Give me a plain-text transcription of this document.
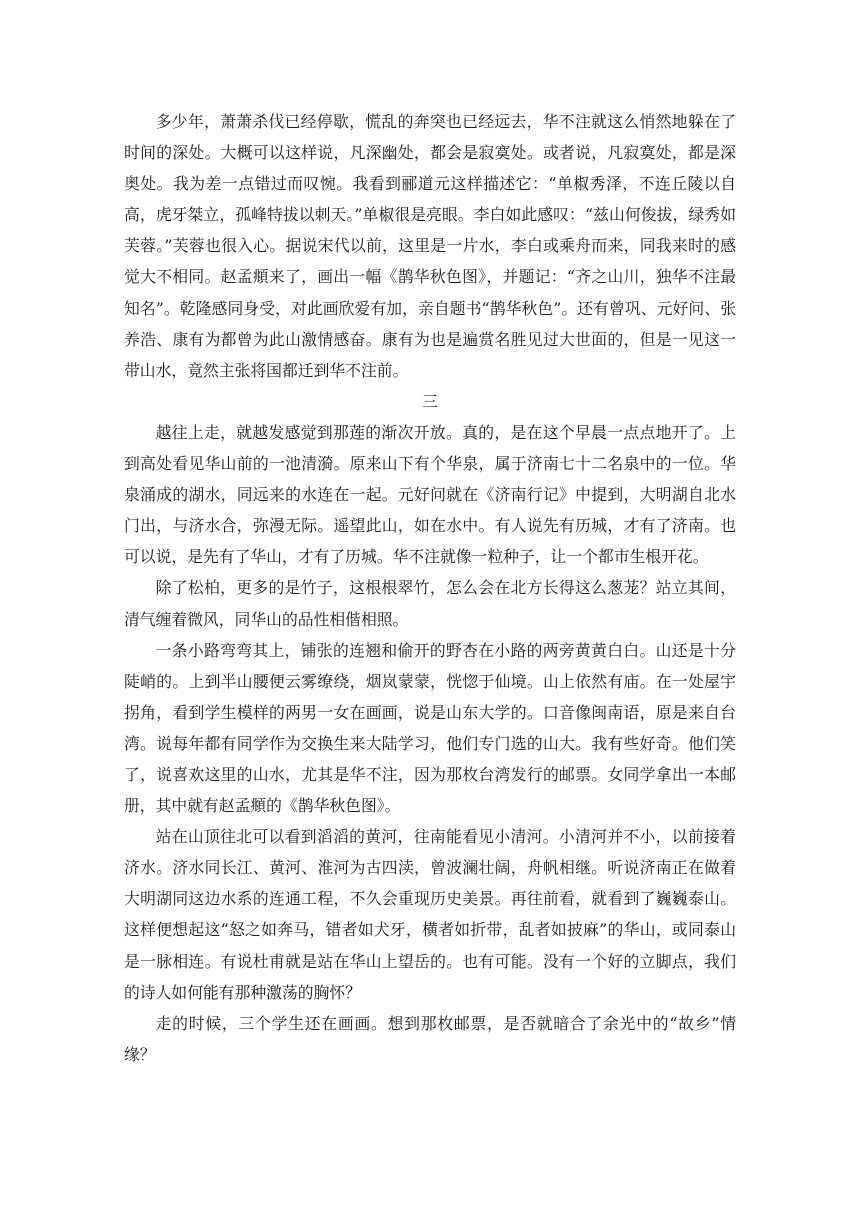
多少年，萧萧杀伐已经停歇，慌乱的奔突也已经远去，华不注就这么悄然地躲在了时间的深处。大概可以这样说，凡深幽处，都会是寂寞处。或者说，凡寂寞处，都是深奥处。我为差一点错过而叹惋。我看到郦道元这样描述它：“单椒秀泽，不连丘陵以自高，虎牙桀立，孤峰特拔以刺天。”单椒很是亮眼。李白如此感叹：“兹山何俊拔，绿秀如芙蓉。”芙蓉也很入心。据说宋代以前，这里是一片水，李白或乘舟而来，同我来时的感觉大不相同。赵孟頫来了，画出一幅《鹊华秋色图》，并题记：“齐之山川，独华不注最知名”。乾隆感同身受，对此画欣爱有加，亲自题书“鹊华秋色”。还有曾巩、元好问、张养浩、康有为都曾为此山激情感奋。康有为也是遍赏名胜见过大世面的，但是一见这一带山水，竟然主张将国都迁到华不注前。

三

越往上走，就越发感觉到那莲的渐次开放。真的，是在这个早晨一点点地开了。上到高处看见华山前的一池清漪。原来山下有个华泉，属于济南七十二名泉中的一位。华泉涌成的湖水，同远来的水连在一起。元好问就在《济南行记》中提到，大明湖自北水门出，与济水合，弥漫无际。遥望此山，如在水中。有人说先有历城，才有了济南。也可以说，是先有了华山，才有了历城。华不注就像一粒种子，让一个都市生根开花。

除了松柏，更多的是竹子，这根根翠竹，怎么会在北方长得这么葱茏？站立其间，清气缠着微风，同华山的品性相偕相照。

一条小路弯弯其上，铺张的连翘和偷开的野杏在小路的两旁黄黄白白。山还是十分陡峭的。上到半山腰便云雾缭绕，烟岚蒙蒙，恍惚于仙境。山上依然有庙。在一处屋宇拐角，看到学生模样的两男一女在画画，说是山东大学的。口音像闽南语，原是来自台湾。说每年都有同学作为交换生来大陆学习，他们专门选的山大。我有些好奇。他们笑了，说喜欢这里的山水，尤其是华不注，因为那枚台湾发行的邮票。女同学拿出一本邮册，其中就有赵孟頫的《鹊华秋色图》。

站在山顶往北可以看到滔滔的黄河，往南能看见小清河。小清河并不小，以前接着济水。济水同长江、黄河、淮河为古四渎，曾波澜壮阔，舟帆相继。听说济南正在做着大明湖同这边水系的连通工程，不久会重现历史美景。再往前看，就看到了巍巍泰山。这样便想起这“怒之如奔马，错者如犬牙，横者如折带，乱者如披麻”的华山，或同泰山是一脉相连。有说杜甫就是站在华山上望岳的。也有可能。没有一个好的立脚点，我们的诗人如何能有那种激荡的胸怀？

走的时候，三个学生还在画画。想到那枚邮票，是否就暗合了余光中的“故乡”情缘？
